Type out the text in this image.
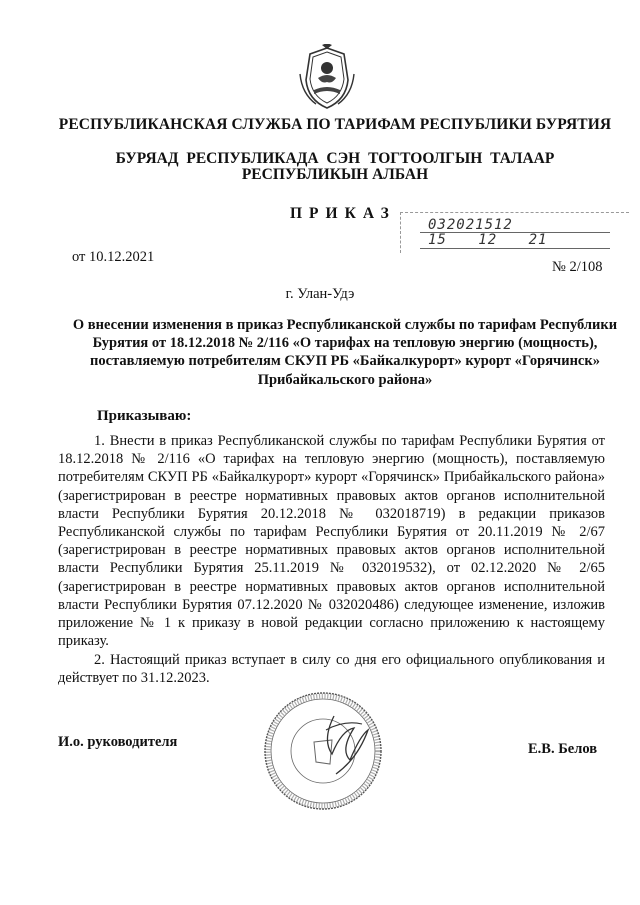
РЕСПУБЛИКАНСКАЯ СЛУЖБА ПО ТАРИФАМ РЕСПУБЛИКИ БУРЯТИЯ
БУРЯАД РЕСПУБЛИКАДА СЭН ТОГТООЛГЫН ТАЛААР
РЕСПУБЛИКЫН АЛБАН
ПРИКАЗ
032021512
15 12 21
от 10.12.2021
№ 2/108
г. Улан-Удэ
О внесении изменения в приказ Республиканской службы по тарифам Республики Бурятия от 18.12.2018 № 2/116 «О тарифах на тепловую энергию (мощность), поставляемую потребителям СКУП РБ «Байкалкурорт» курорт «Горячинск» Прибайкальского района»
Приказываю:
1. Внести в приказ Республиканской службы по тарифам Республики Бурятия от 18.12.2018 № 2/116 «О тарифах на тепловую энергию (мощность), поставляемую потребителям СКУП РБ «Байкалкурорт» курорт «Горячинск» Прибайкальского района» (зарегистрирован в реестре нормативных правовых актов органов исполнительной власти Республики Бурятия 20.12.2018 № 032018719) в редакции приказов Республиканской службы по тарифам Республики Бурятия от 20.11.2019 № 2/67 (зарегистрирован в реестре нормативных правовых актов органов исполнительной власти Республики Бурятия 25.11.2019 № 032019532), от 02.12.2020 № 2/65 (зарегистрирован в реестре нормативных правовых актов органов исполнительной власти Республики Бурятия 07.12.2020 № 032020486) следующее изменение, изложив приложение № 1 к приказу в новой редакции согласно приложению к настоящему приказу.
2. Настоящий приказ вступает в силу со дня его официального опубликования и действует по 31.12.2023.
И.о. руководителя	Е.В. Белов
